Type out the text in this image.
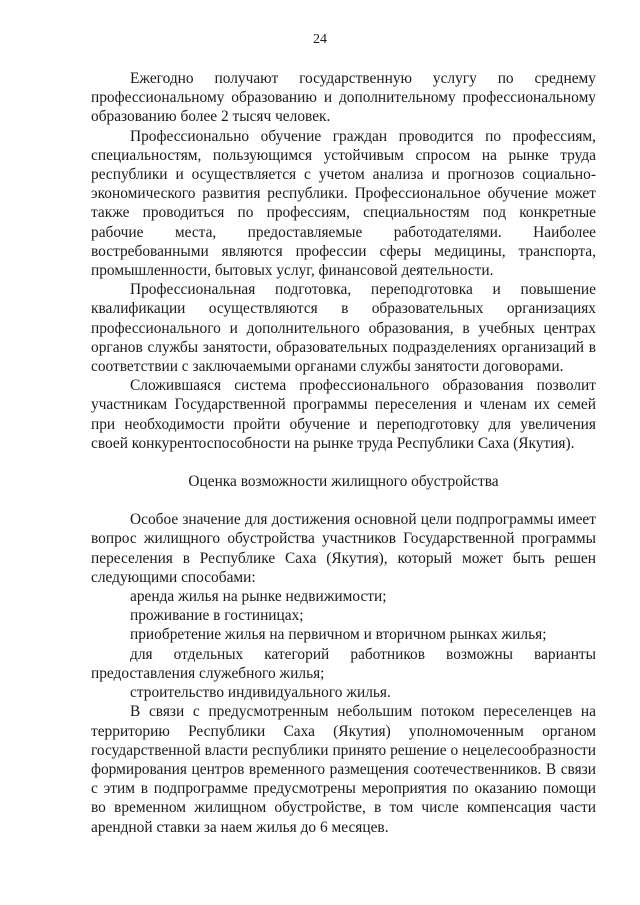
24

Ежегодно получают государственную услугу по среднему профессиональному образованию и дополнительному профессиональному образованию более 2 тысяч человек.

Профессионально обучение граждан проводится по профессиям, специальностям, пользующимся устойчивым спросом на рынке труда республики и осуществляется с учетом анализа и прогнозов социально-экономического развития республики. Профессиональное обучение может также проводиться по профессиям, специальностям под конкретные рабочие места, предоставляемые работодателями. Наиболее востребованными являются профессии сферы медицины, транспорта, промышленности, бытовых услуг, финансовой деятельности.

Профессиональная подготовка, переподготовка и повышение квалификации осуществляются в образовательных организациях профессионального и дополнительного образования, в учебных центрах органов службы занятости, образовательных подразделениях организаций в соответствии с заключаемыми органами службы занятости договорами.

Сложившаяся система профессионального образования позволит участникам Государственной программы переселения и членам их семей при необходимости пройти обучение и переподготовку для увеличения своей конкурентоспособности на рынке труда Республики Саха (Якутия).

Оценка возможности жилищного обустройства

Особое значение для достижения основной цели подпрограммы имеет вопрос жилищного обустройства участников Государственной программы переселения в Республике Саха (Якутия), который может быть решен следующими способами:

аренда жилья на рынке недвижимости;

проживание в гостиницах;

приобретение жилья на первичном и вторичном рынках жилья;

для отдельных категорий работников возможны варианты предоставления служебного жилья;

строительство индивидуального жилья.

В связи с предусмотренным небольшим потоком переселенцев на территорию Республики Саха (Якутия) уполномоченным органом государственной власти республики принято решение о нецелесообразности формирования центров временного размещения соотечественников. В связи с этим в подпрограмме предусмотрены мероприятия по оказанию помощи во временном жилищном обустройстве, в том числе компенсация части арендной ставки за наем жилья до 6 месяцев.
